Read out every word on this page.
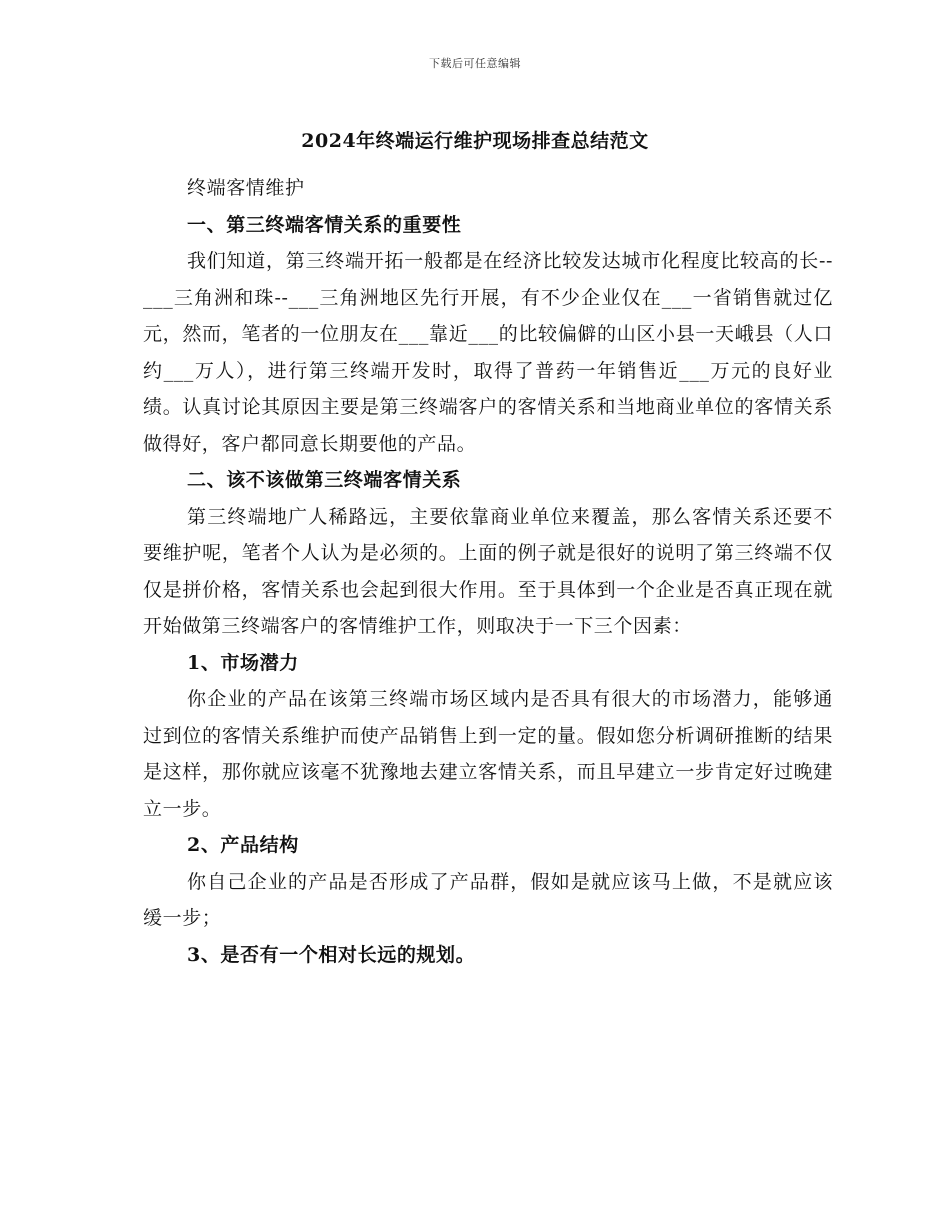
下载后可任意编辑
2024年终端运行维护现场排查总结范文

终端客情维护

一、第三终端客情关系的重要性

我们知道，第三终端开拓一般都是在经济比较发达城市化程度比较高的长--___三角洲和珠--___三角洲地区先行开展，有不少企业仅在___一省销售就过亿元，然而，笔者的一位朋友在___靠近___的比较偏僻的山区小县一天峨县（人口约___万人），进行第三终端开发时，取得了普药一年销售近___万元的良好业绩。认真讨论其原因主要是第三终端客户的客情关系和当地商业单位的客情关系做得好，客户都同意长期要他的产品。

二、该不该做第三终端客情关系

第三终端地广人稀路远，主要依靠商业单位来覆盖，那么客情关系还要不要维护呢，笔者个人认为是必须的。上面的例子就是很好的说明了第三终端不仅仅是拼价格，客情关系也会起到很大作用。至于具体到一个企业是否真正现在就开始做第三终端客户的客情维护工作，则取决于一下三个因素：

1、市场潜力

你企业的产品在该第三终端市场区域内是否具有很大的市场潜力，能够通过到位的客情关系维护而使产品销售上到一定的量。假如您分析调研推断的结果是这样，那你就应该毫不犹豫地去建立客情关系，而且早建立一步肯定好过晚建立一步。

2、产品结构

你自己企业的产品是否形成了产品群，假如是就应该马上做，不是就应该缓一步；

3、是否有一个相对长远的规划。
